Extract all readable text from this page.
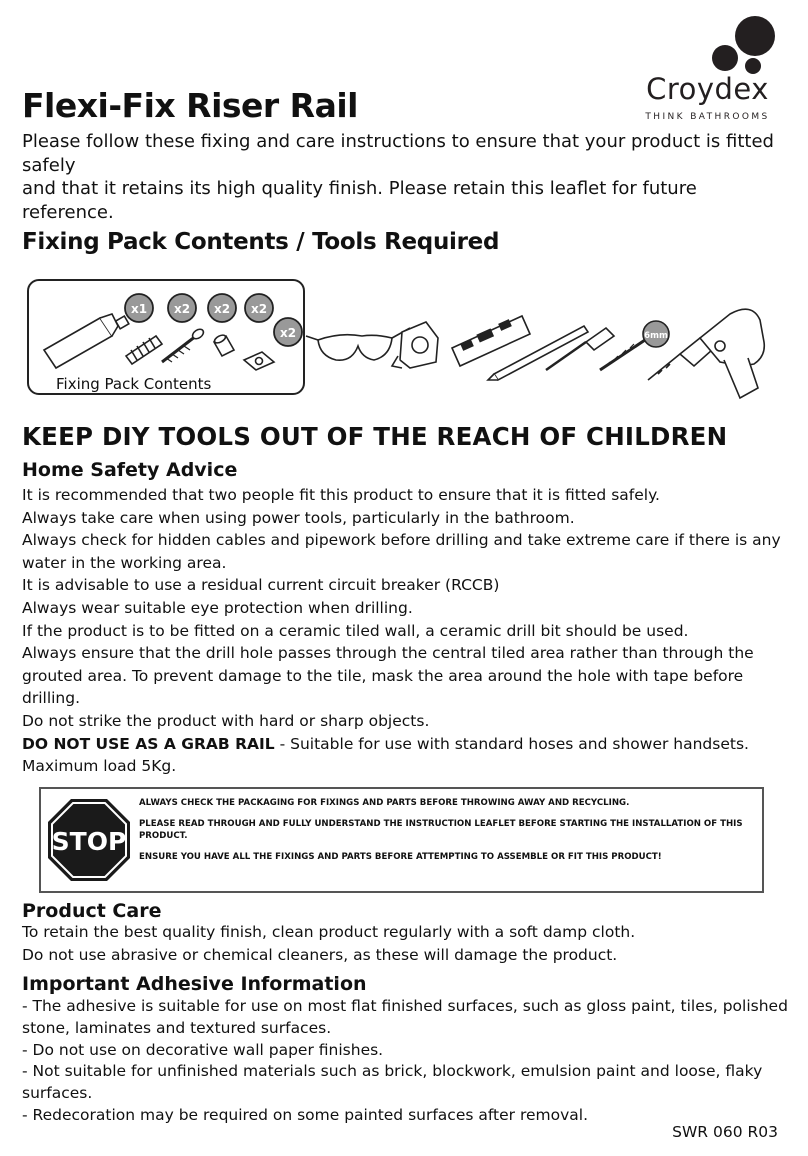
Croydex
THINK BATHROOMS
Flexi-Fix Riser Rail
Please follow these fixing and care instructions to ensure that your product is fitted safely
and that it retains its high quality finish. Please retain this leaflet for future reference.
Fixing Pack Contents / Tools Required
Fixing Pack Contents
x1 x2 x2 x2
x2	6mm
KEEP DIY TOOLS OUT OF THE REACH OF CHILDREN
Home Safety Advice
It is recommended that two people fit this product to ensure that it is fitted safely.
Always take care when using power tools, particularly in the bathroom.
Always check for hidden cables and pipework before drilling and take extreme care if there is any water in the working area.
It is advisable to use a residual current circuit breaker (RCCB)
Always wear suitable eye protection when drilling.
If the product is to be fitted on a ceramic tiled wall, a ceramic drill bit should be used.
Always ensure that the drill hole passes through the central tiled area rather than through the grouted area. To prevent damage to the tile, mask the area around the hole with tape before drilling.
Do not strike the product with hard or sharp objects.
DO NOT USE AS A GRAB RAIL - Suitable for use with standard hoses and shower handsets.
Maximum load 5Kg.
STOP
ALWAYS CHECK THE PACKAGING FOR FIXINGS AND PARTS BEFORE THROWING AWAY AND RECYCLING.
PLEASE READ THROUGH AND FULLY UNDERSTAND THE INSTRUCTION LEAFLET BEFORE STARTING THE INSTALLATION OF THIS PRODUCT.
ENSURE YOU HAVE ALL THE FIXINGS AND PARTS BEFORE ATTEMPTING TO ASSEMBLE OR FIT THIS PRODUCT!
Product Care
To retain the best quality finish, clean product regularly with a soft damp cloth.
Do not use abrasive or chemical cleaners, as these will damage the product.
Important Adhesive Information
- The adhesive is suitable for use on most flat finished surfaces, such as gloss paint, tiles, polished stone, laminates and textured surfaces.
- Do not use on decorative wall paper finishes.
- Not suitable for unfinished materials such as brick, blockwork, emulsion paint and loose, flaky surfaces.
- Redecoration may be required on some painted surfaces after removal.
SWR 060 R03
